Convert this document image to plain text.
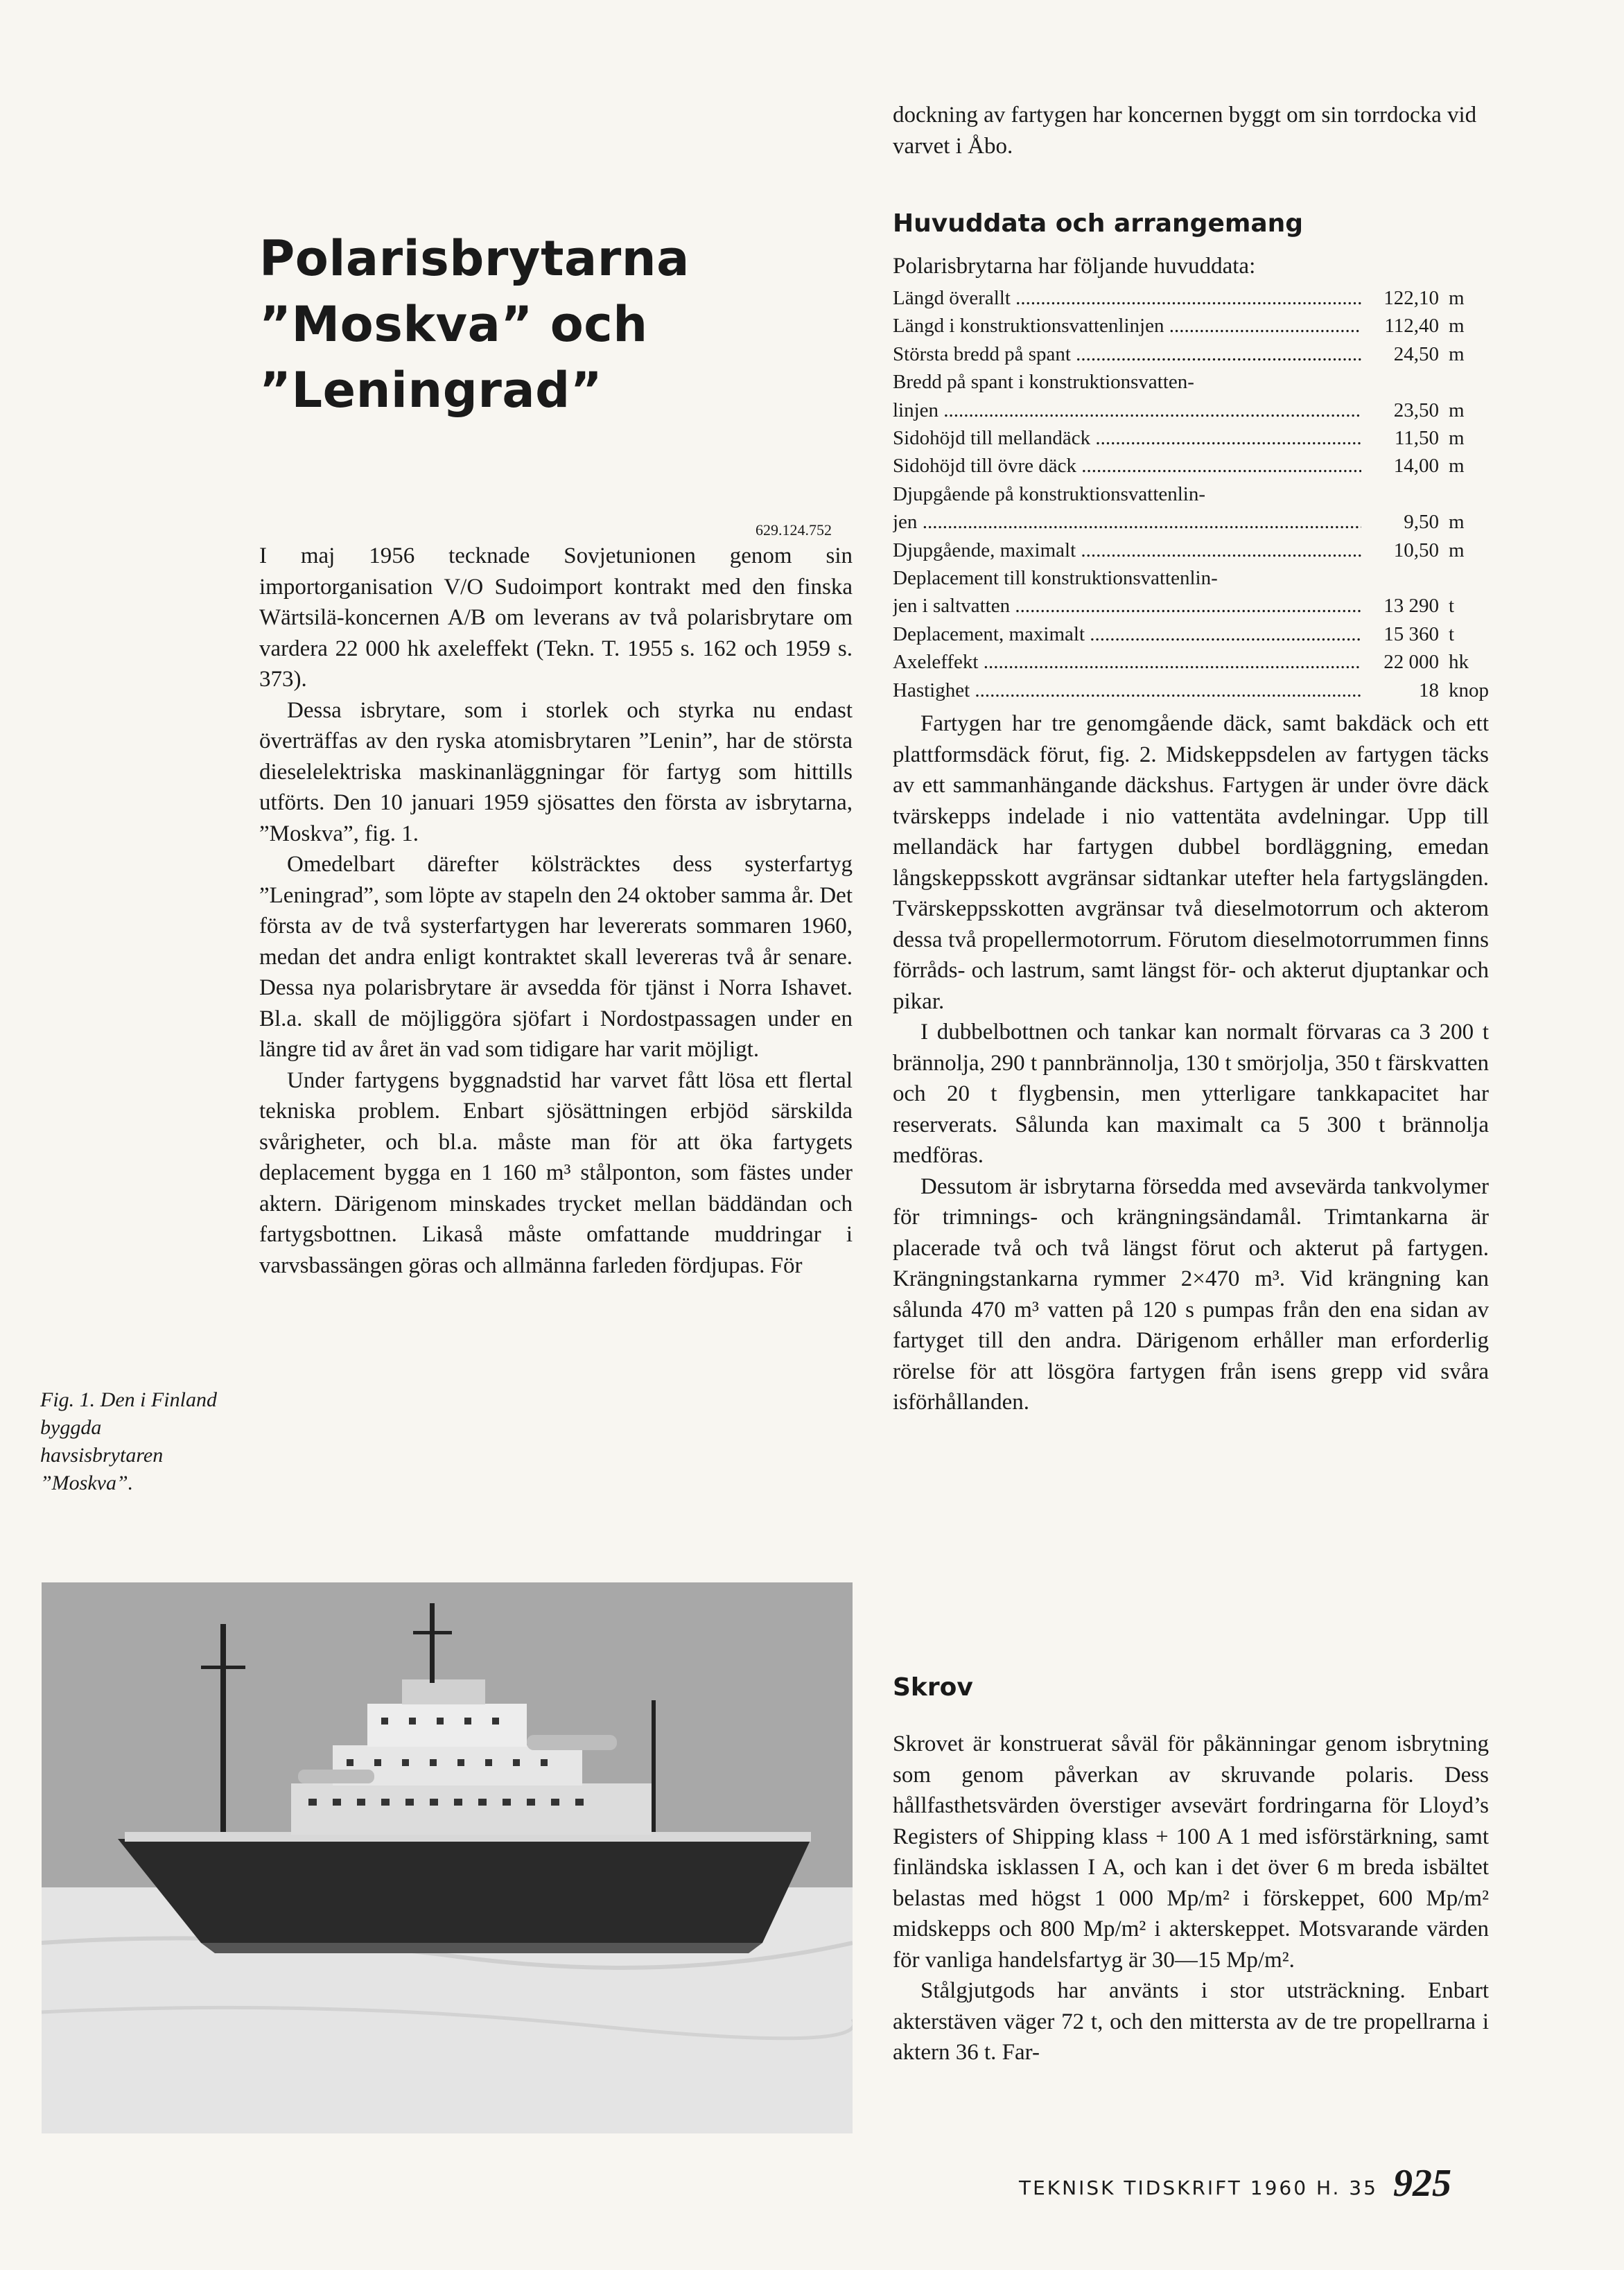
Polarisbrytarna
”Moskva” och
”Leningrad”
629.124.752

I maj 1956 tecknade Sovjetunionen genom sin importorganisation V/O Sudoimport kontrakt med den finska Wärtsilä-koncernen A/B om leverans av två polarisbrytare om vardera 22 000 hk axeleffekt (Tekn. T. 1955 s. 162 och 1959 s. 373).

Dessa isbrytare, som i storlek och styrka nu endast överträffas av den ryska atomisbrytaren ”Lenin”, har de största dieselelektriska maskinanläggningar för fartyg som hittills utförts. Den 10 januari 1959 sjösattes den första av isbrytarna, ”Moskva”, fig. 1.

Omedelbart därefter kölsträcktes dess systerfartyg ”Leningrad”, som löpte av stapeln den 24 oktober samma år. Det första av de två systerfartygen har levererats sommaren 1960, medan det andra enligt kontraktet skall levereras två år senare. Dessa nya polarisbrytare är avsedda för tjänst i Norra Ishavet. Bl.a. skall de möjliggöra sjöfart i Nordostpassagen under en längre tid av året än vad som tidigare har varit möjligt.

Under fartygens byggnadstid har varvet fått lösa ett flertal tekniska problem. Enbart sjösättningen erbjöd särskilda svårigheter, och bl.a. måste man för att öka fartygets deplacement bygga en 1 160 m³ stålponton, som fästes under aktern. Därigenom minskades trycket mellan bäddändan och fartygsbottnen. Likaså måste omfattande muddringar i varvsbassängen göras och allmänna farleden fördjupas. För

Fig. 1. Den i Finland byggda havsisbrytaren ”Moskva”.

dockning av fartygen har koncernen byggt om sin torrdocka vid varvet i Åbo.

Huvuddata och arrangemang
Polarisbrytarna har följande huvuddata:
Längd överallt .....	122,10 m
Längd i konstruktionsvattenlinjen .....	112,40 m
Största bredd på spant .....	24,50 m
Bredd på spant i konstruktionsvatten-
linjen .....	23,50 m
Sidohöjd till mellandäck .....	11,50 m
Sidohöjd till övre däck .....	14,00 m
Djupgående på konstruktionsvattenlin-
jen .....	9,50 m
Djupgående, maximalt .....	10,50 m
Deplacement till konstruktionsvattenlin-
jen i saltvatten .....	13 290 t
Deplacement, maximalt .....	15 360 t
Axeleffekt .....	22 000 hk
Hastighet .....	18 knop

Fartygen har tre genomgående däck, samt bakdäck och ett plattformsdäck förut, fig. 2. Midskeppsdelen av fartygen täcks av ett sammanhängande däckshus. Fartygen är under övre däck tvärskepps indelade i nio vattentäta avdelningar. Upp till mellandäck har fartygen dubbel bordläggning, emedan långskeppsskott avgränsar sidtankar utefter hela fartygslängden. Tvärskeppsskotten avgränsar två dieselmotorrum och akterom dessa två propellermotorrum. Förutom dieselmotorrummen finns förråds- och lastrum, samt längst för- och akterut djuptankar och pikar.

I dubbelbottnen och tankar kan normalt förvaras ca 3 200 t brännolja, 290 t pannbrännolja, 130 t smörjolja, 350 t färskvatten och 20 t flygbensin, men ytterligare tankkapacitet har reserverats. Sålunda kan maximalt ca 5 300 t brännolja medföras.

Dessutom är isbrytarna försedda med avsevärda tankvolymer för trimnings- och krängningsändamål. Trimtankarna är placerade två och två längst förut och akterut på fartygen. Krängningstankarna rymmer 2×470 m³. Vid krängning kan sålunda 470 m³ vatten på 120 s pumpas från den ena sidan av fartyget till den andra. Därigenom erhåller man erforderlig rörelse för att lösgöra fartygen från isens grepp vid svåra isförhållanden.

Skrov

Skrovet är konstruerat såväl för påkänningar genom isbrytning som genom påverkan av skruvande polaris. Dess hållfasthetsvärden överstiger avsevärt fordringarna för Lloyd’s Registers of Shipping klass + 100 A 1 med isförstärkning, samt finländska isklassen I A, och kan i det över 6 m breda isbältet belastas med högst 1 000 Mp/m² i förskeppet, 600 Mp/m² midskepps och 800 Mp/m² i akterskeppet. Motsvarande värden för vanliga handelsfartyg är 30—15 Mp/m².

Stålgjutgods har använts i stor utsträckning. Enbart akterstäven väger 72 t, och den mittersta av de tre propellrarna i aktern 36 t. Far-

TEKNISK TIDSKRIFT 1960 H. 35 925
